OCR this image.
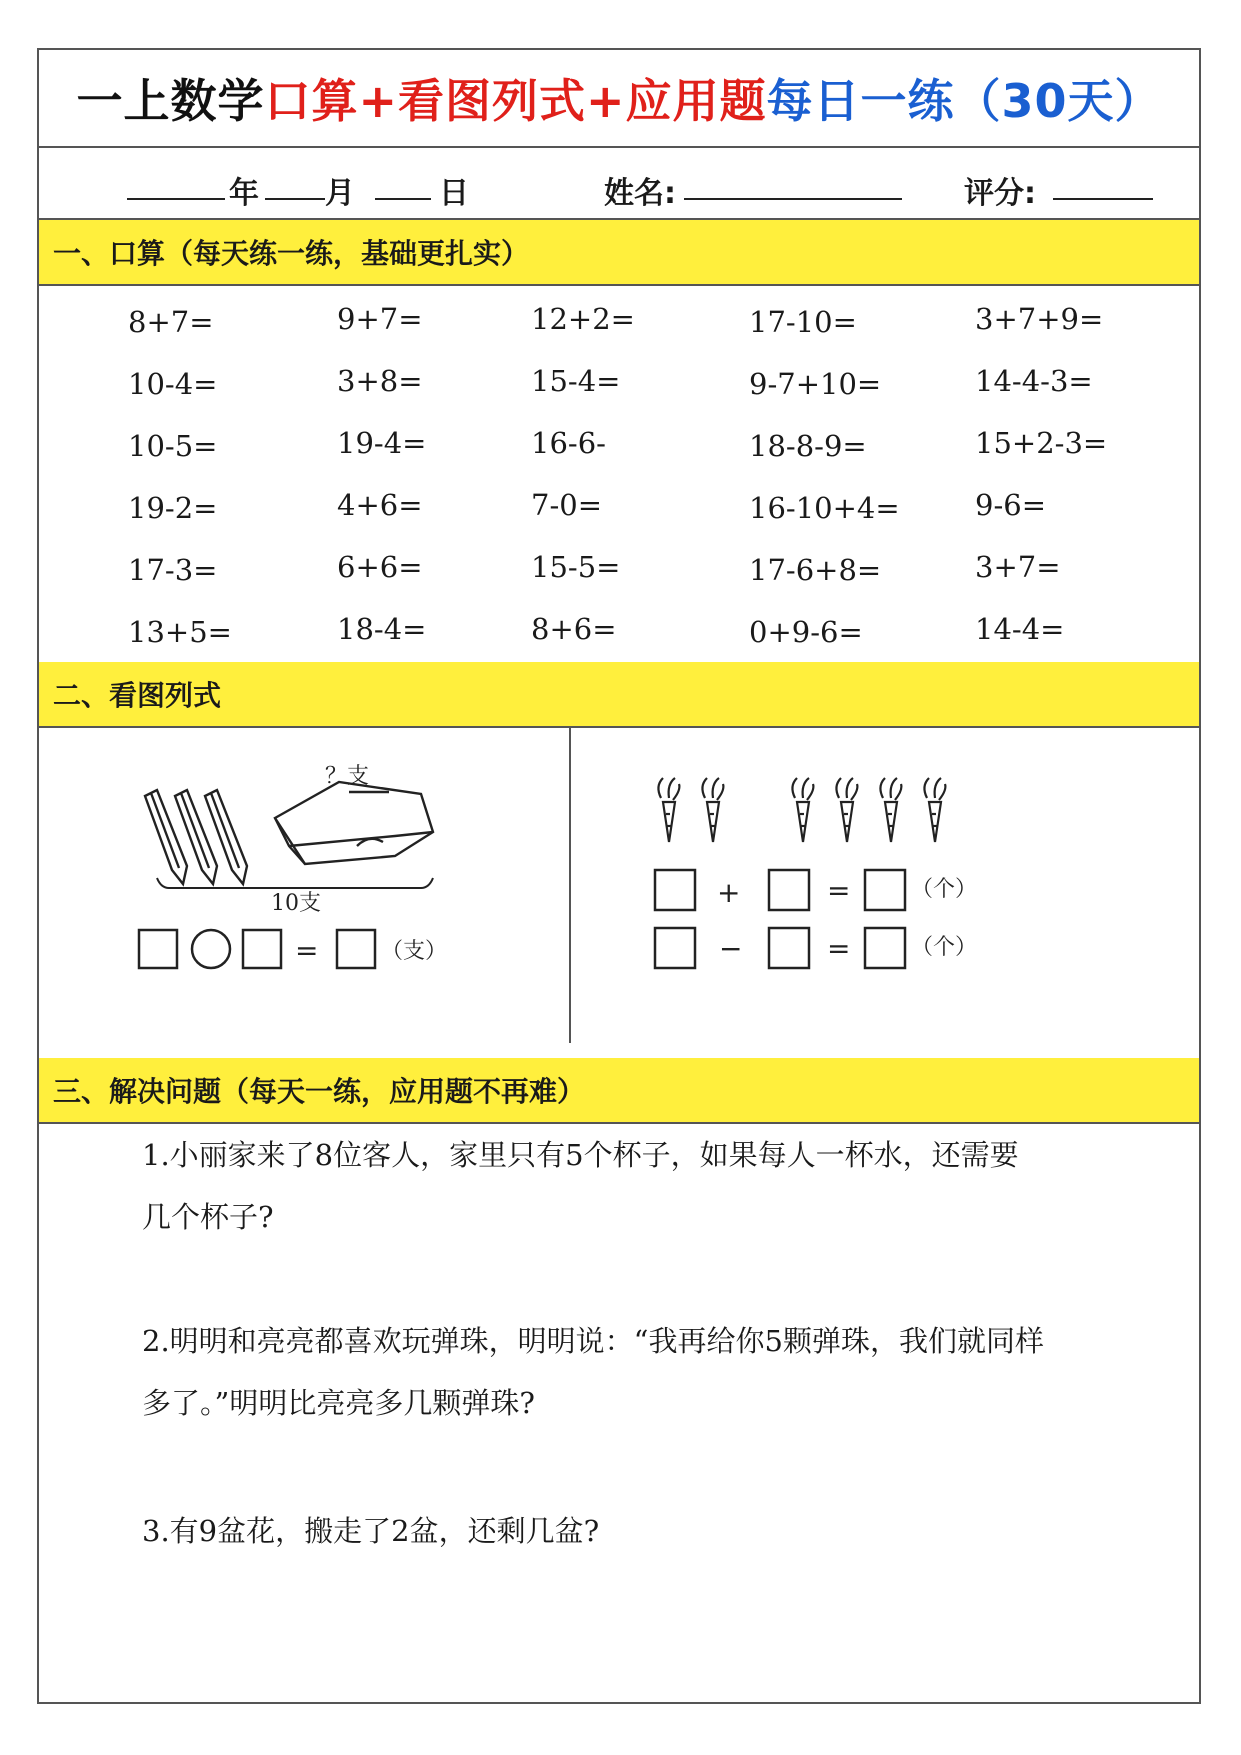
一上数学 口算+看图列式+应用题 每日一练（30天）
年 月	日	姓名:	评分:
一、口算（每天练一练，基础更扎实）
8+7=	9+7=	12+2=	17-10=	3+7+9=
10-4=	3+8=	15-4=	9-7+10=	14-4-3=
10-5=	19-4=	16-6-	18-8-9=	15+2-3=
19-2=	4+6=	7-0=	16-10+4=	9-6=
17-3=	6+6=	15-5=	17-6+8=	3+7=
13+5=	18-4=	8+6=	0+9-6=	14-4=
二、看图列式
？支
10支
=	（支）
+	=	（个）
−	=	（个）
三、解决问题（每天一练，应用题不再难）
1.小丽家来了8位客人，家里只有5个杯子，如果每人一杯水，还需要
几个杯子?
2.明明和亮亮都喜欢玩弹珠，明明说：“我再给你5颗弹珠，我们就同样
多了。”明明比亮亮多几颗弹珠?
3.有9盆花，搬走了2盆，还剩几盆?
